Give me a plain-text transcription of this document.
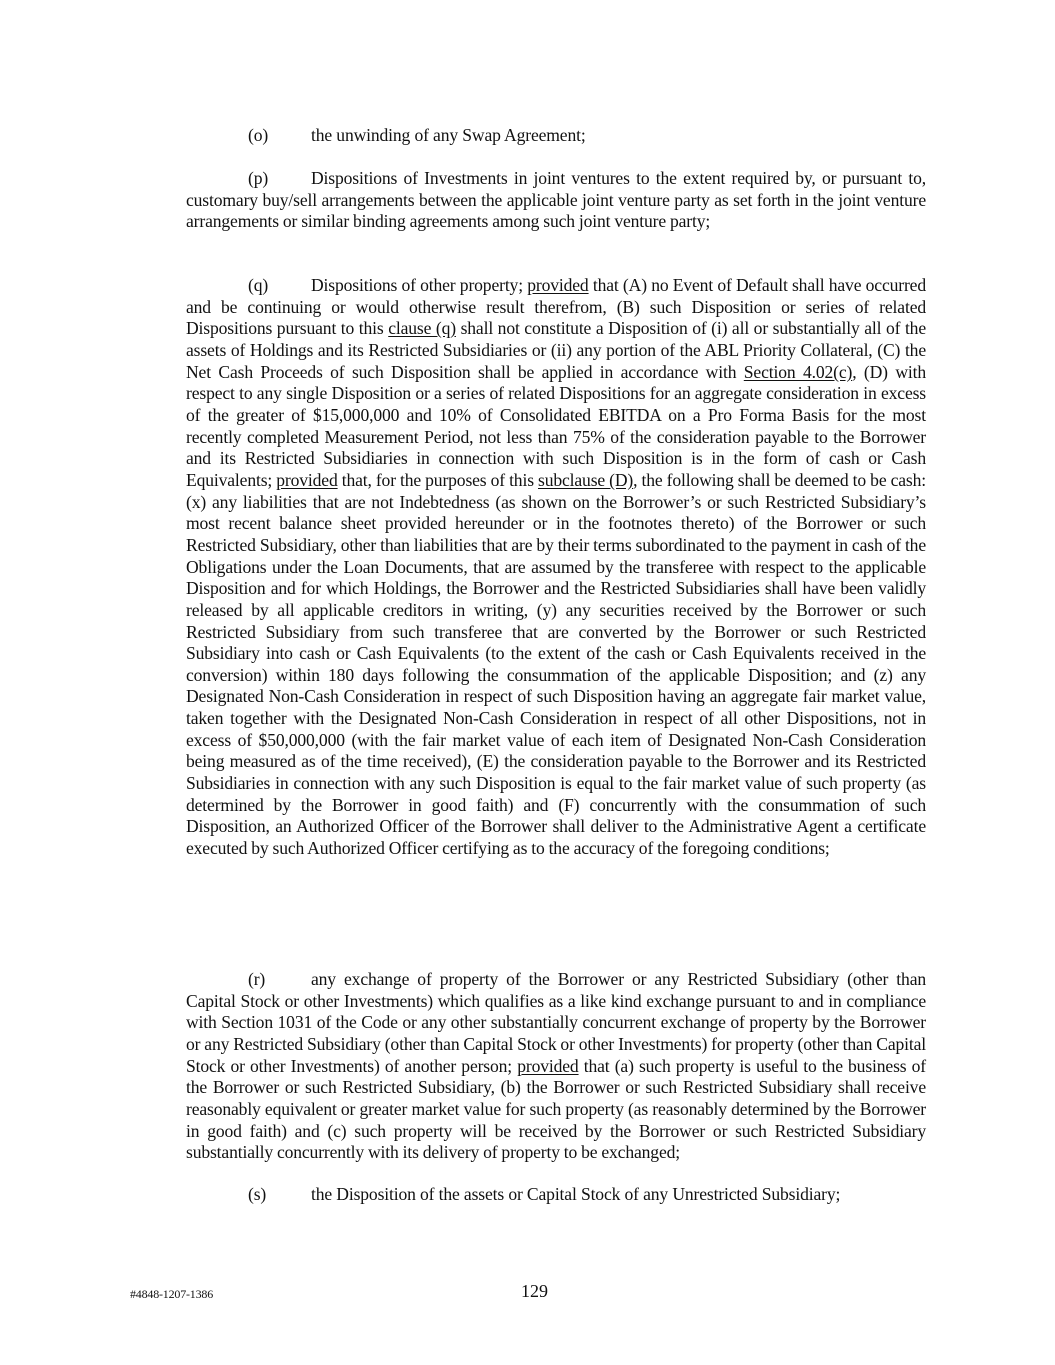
(o) the unwinding of any Swap Agreement;
(p) Dispositions of Investments in joint ventures to the extent required by, or pursuant to, customary buy/sell arrangements between the applicable joint venture party as set forth in the joint venture arrangements or similar binding agreements among such joint venture party;
(q) Dispositions of other property; provided that (A) no Event of Default shall have occurred and be continuing or would otherwise result therefrom, (B) such Disposition or series of related Dispositions pursuant to this clause (q) shall not constitute a Disposition of (i) all or substantially all of the assets of Holdings and its Restricted Subsidiaries or (ii) any portion of the ABL Priority Collateral, (C) the Net Cash Proceeds of such Disposition shall be applied in accordance with Section 4.02(c), (D) with respect to any single Disposition or a series of related Dispositions for an aggregate consideration in excess of the greater of $15,000,000 and 10% of Consolidated EBITDA on a Pro Forma Basis for the most recently completed Measurement Period, not less than 75% of the consideration payable to the Borrower and its Restricted Subsidiaries in connection with such Disposition is in the form of cash or Cash Equivalents; provided that, for the purposes of this subclause (D), the following shall be deemed to be cash: (x) any liabilities that are not Indebtedness (as shown on the Borrower’s or such Restricted Subsidiary’s most recent balance sheet provided hereunder or in the footnotes thereto) of the Borrower or such Restricted Subsidiary, other than liabilities that are by their terms subordinated to the payment in cash of the Obligations under the Loan Documents, that are assumed by the transferee with respect to the applicable Disposition and for which Holdings, the Borrower and the Restricted Subsidiaries shall have been validly released by all applicable creditors in writing, (y) any securities received by the Borrower or such Restricted Subsidiary from such transferee that are converted by the Borrower or such Restricted Subsidiary into cash or Cash Equivalents (to the extent of the cash or Cash Equivalents received in the conversion) within 180 days following the consummation of the applicable Disposition; and (z) any Designated Non-Cash Consideration in respect of such Disposition having an aggregate fair market value, taken together with the Designated Non-Cash Consideration in respect of all other Dispositions, not in excess of $50,000,000 (with the fair market value of each item of Designated Non-Cash Consideration being measured as of the time received), (E) the consideration payable to the Borrower and its Restricted Subsidiaries in connection with any such Disposition is equal to the fair market value of such property (as determined by the Borrower in good faith) and (F) concurrently with the consummation of such Disposition, an Authorized Officer of the Borrower shall deliver to the Administrative Agent a certificate executed by such Authorized Officer certifying as to the accuracy of the foregoing conditions;
(r)	any exchange of property of the Borrower or any Restricted Subsidiary (other than Capital Stock or other Investments) which qualifies as a like kind exchange pursuant to and in compliance with Section 1031 of the Code or any other substantially concurrent exchange of property by the Borrower or any Restricted Subsidiary (other than Capital Stock or other Investments) for property (other than Capital Stock or other Investments) of another person; provided that (a) such property is useful to the business of the Borrower or such Restricted Subsidiary, (b) the Borrower or such Restricted Subsidiary shall receive reasonably equivalent or greater market value for such property (as reasonably determined by the Borrower in good faith) and (c) such property will be received by the Borrower or such Restricted Subsidiary substantially concurrently with its delivery of property to be exchanged;
(s)	the Disposition of the assets or Capital Stock of any Unrestricted Subsidiary;
#4848-1207-1386	129
